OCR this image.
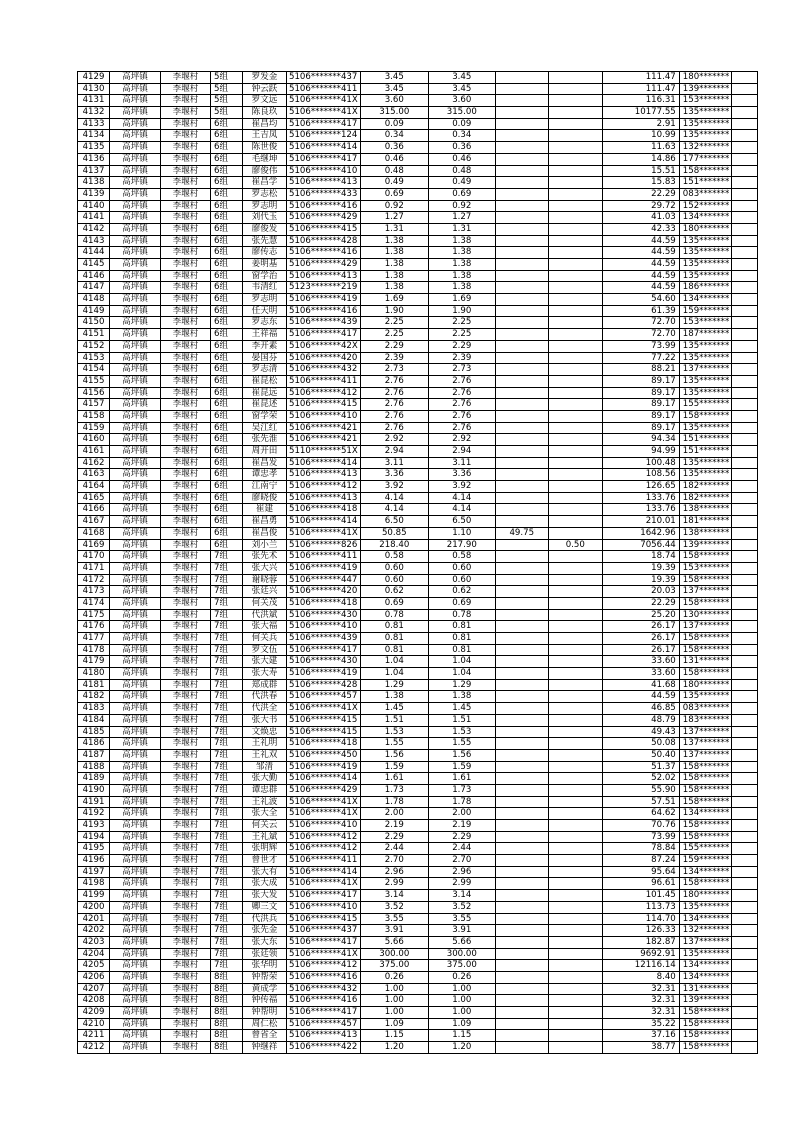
4129	高坪镇	李堰村	5组	罗发金	5106*******437	3.45	3.45			111.47	180*******	
4130	高坪镇	李堰村	5组	钟云跃	5106*******411	3.45	3.45			111.47	139*******	
4131	高坪镇	李堰村	5组	罗文远	5106*******41X	3.60	3.60			116.31	153*******	
4132	高坪镇	李堰村	5组	陈良玖	5106*******41X	315.00	315.00			10177.55	135*******	
4133	高坪镇	李堰村	6组	崔昌均	5106*******417	0.09	0.09			2.91	135*******	
4134	高坪镇	李堰村	6组	王吉凤	5106*******124	0.34	0.34			10.99	135*******	
4135	高坪镇	李堰村	6组	陈世俊	5106*******414	0.36	0.36			11.63	132*******	
4136	高坪镇	李堰村	6组	毛继坤	5106*******417	0.46	0.46			14.86	177*******	
4137	高坪镇	李堰村	6组	廖俊伟	5106*******410	0.48	0.48			15.51	158*******	
4138	高坪镇	李堰村	6组	崔昌学	5106*******413	0.49	0.49			15.83	151*******	
4139	高坪镇	李堰村	6组	罗志松	5106*******433	0.69	0.69			22.29	083*******	
4140	高坪镇	李堰村	6组	罗志明	5106*******416	0.92	0.92			29.72	152*******	
4141	高坪镇	李堰村	6组	刘代玉	5106*******429	1.27	1.27			41.03	134*******	
4142	高坪镇	李堰村	6组	廖俊发	5106*******415	1.31	1.31			42.33	180*******	
4143	高坪镇	李堰村	6组	张先慧	5106*******428	1.38	1.38			44.59	135*******	
4144	高坪镇	李堰村	6组	廖传志	5106*******416	1.38	1.38			44.59	135*******	
4145	高坪镇	李堰村	6组	姜明基	5106*******429	1.38	1.38			44.59	135*******	
4146	高坪镇	李堰村	6组	窗学治	5106*******413	1.38	1.38			44.59	135*******	
4147	高坪镇	李堰村	6组	韦清红	5123*******219	1.38	1.38			44.59	186*******	
4148	高坪镇	李堰村	6组	罗志明	5106*******419	1.69	1.69			54.60	134*******	
4149	高坪镇	李堰村	6组	任天明	5106*******416	1.90	1.90			61.39	159*******	
4150	高坪镇	李堰村	6组	罗志东	5106*******439	2.25	2.25			72.70	153*******	
4151	高坪镇	李堰村	6组	王祥福	5106*******417	2.25	2.25			72.70	187*******	
4152	高坪镇	李堰村	6组	李开素	5106*******42X	2.29	2.29			73.99	135*******	
4153	高坪镇	李堰村	6组	晏国芬	5106*******420	2.39	2.39			77.22	135*******	
4154	高坪镇	李堰村	6组	罗志清	5106*******432	2.73	2.73			88.21	137*******	
4155	高坪镇	李堰村	6组	崔昆松	5106*******411	2.76	2.76			89.17	135*******	
4156	高坪镇	李堰村	6组	崔昆远	5106*******412	2.76	2.76			89.17	135*******	
4157	高坪镇	李堰村	6组	崔昆述	5106*******415	2.76	2.76			89.17	155*******	
4158	高坪镇	李堰村	6组	窗学荣	5106*******410	2.76	2.76			89.17	158*******	
4159	高坪镇	李堰村	6组	吴江红	5106*******421	2.76	2.76			89.17	135*******	
4160	高坪镇	李堰村	6组	张先淮	5106*******421	2.92	2.92			94.34	151*******	
4161	高坪镇	李堰村	6组	周开田	5110*******51X	2.94	2.94			94.99	151*******	
4162	高坪镇	李堰村	6组	崔昌发	5106*******414	3.11	3.11			100.48	135*******	
4163	高坪镇	李堰村	6组	谭忠孝	5106*******413	3.36	3.36			108.56	135*******	
4164	高坪镇	李堰村	6组	江南宁	5106*******412	3.92	3.92			126.65	182*******	
4165	高坪镇	李堰村	6组	廖晓俊	5106*******413	4.14	4.14			133.76	182*******	
4166	高坪镇	李堰村	6组	崔建	5106*******418	4.14	4.14			133.76	138*******	
4167	高坪镇	李堰村	6组	崔昌勇	5106*******414	6.50	6.50			210.01	181*******	
4168	高坪镇	李堰村	6组	崔昌俊	5106*******41X	50.85	1.10	49.75		1642.96	138*******	
4169	高坪镇	李堰村	6组	刘小兰	5106*******826	218.40	217.90		0.50	7056.44	139*******	
4170	高坪镇	李堰村	7组	张先术	5106*******411	0.58	0.58			18.74	158*******	
4171	高坪镇	李堰村	7组	张大兴	5106*******419	0.60	0.60			19.39	153*******	
4172	高坪镇	李堰村	7组	谢晓蓉	5106*******447	0.60	0.60			19.39	158*******	
4173	高坪镇	李堰村	7组	张廷兴	5106*******420	0.62	0.62			20.03	137*******	
4174	高坪镇	李堰村	7组	何关茂	5106*******418	0.69	0.69			22.29	158*******	
4175	高坪镇	李堰村	7组	代洪斌	5106*******430	0.78	0.78			25.20	130*******	
4176	高坪镇	李堰村	7组	张大福	5106*******410	0.81	0.81			26.17	137*******	
4177	高坪镇	李堰村	7组	何关兵	5106*******439	0.81	0.81			26.17	158*******	
4178	高坪镇	李堰村	7组	罗文伍	5106*******417	0.81	0.81			26.17	158*******	
4179	高坪镇	李堰村	7组	张大建	5106*******430	1.04	1.04			33.60	131*******	
4180	高坪镇	李堰村	7组	张大寿	5106*******419	1.04	1.04			33.60	158*******	
4181	高坪镇	李堰村	7组	郑成群	5106*******428	1.29	1.29			41.68	180*******	
4182	高坪镇	李堰村	7组	代洪春	5106*******457	1.38	1.38			44.59	135*******	
4183	高坪镇	李堰村	7组	代洪全	5106*******41X	1.45	1.45			46.85	083*******	
4184	高坪镇	李堰村	7组	张大书	5106*******415	1.51	1.51			48.79	183*******	
4185	高坪镇	李堰村	7组	文焕忠	5106*******415	1.53	1.53			49.43	137*******	
4186	高坪镇	李堰村	7组	王礼明	5106*******418	1.55	1.55			50.08	137*******	
4187	高坪镇	李堰村	7组	王礼双	5106*******450	1.56	1.56			50.40	137*******	
4188	高坪镇	李堰村	7组	邹清	5106*******419	1.59	1.59			51.37	158*******	
4189	高坪镇	李堰村	7组	张大勤	5106*******414	1.61	1.61			52.02	158*******	
4190	高坪镇	李堰村	7组	谭忠群	5106*******429	1.73	1.73			55.90	158*******	
4191	高坪镇	李堰村	7组	王礼波	5106*******41X	1.78	1.78			57.51	158*******	
4192	高坪镇	李堰村	7组	张大全	5106*******41X	2.00	2.00			64.62	134*******	
4193	高坪镇	李堰村	7组	何关云	5106*******410	2.19	2.19			70.76	158*******	
4194	高坪镇	李堰村	7组	王礼斌	5106*******412	2.29	2.29			73.99	158*******	
4195	高坪镇	李堰村	7组	张明辉	5106*******412	2.44	2.44			78.84	155*******	
4196	高坪镇	李堰村	7组	曾世才	5106*******411	2.70	2.70			87.24	159*******	
4197	高坪镇	李堰村	7组	张大有	5106*******414	2.96	2.96			95.64	134*******	
4198	高坪镇	李堰村	7组	张大成	5106*******41X	2.99	2.99			96.61	158*******	
4199	高坪镇	李堰村	7组	张大发	5106*******417	3.14	3.14			101.45	180*******	
4200	高坪镇	李堰村	7组	卿三文	5106*******410	3.52	3.52			113.73	135*******	
4201	高坪镇	李堰村	7组	代洪兵	5106*******415	3.55	3.55			114.70	134*******	
4202	高坪镇	李堰村	7组	张先金	5106*******437	3.91	3.91			126.33	132*******	
4203	高坪镇	李堰村	7组	张大东	5106*******417	5.66	5.66			182.87	137*******	
4204	高坪镇	李堰村	7组	张廷领	5106*******41X	300.00	300.00			9692.91	135*******	
4205	高坪镇	李堰村	7组	张华明	5106*******412	375.00	375.00			12116.14	134*******	
4206	高坪镇	李堰村	8组	钟帮荣	5106*******416	0.26	0.26			8.40	134*******	
4207	高坪镇	李堰村	8组	黄成学	5106*******432	1.00	1.00			32.31	131*******	
4208	高坪镇	李堰村	8组	钟传福	5106*******416	1.00	1.00			32.31	139*******	
4209	高坪镇	李堰村	8组	钟帮明	5106*******417	1.00	1.00			32.31	158*******	
4210	高坪镇	李堰村	8组	周仁松	5106*******457	1.09	1.09			35.22	158*******	
4211	高坪镇	李堰村	8组	曾省全	5106*******413	1.15	1.15			37.16	158*******	
4212	高坪镇	李堰村	8组	钟继祥	5106*******422	1.20	1.20			38.77	158*******	
